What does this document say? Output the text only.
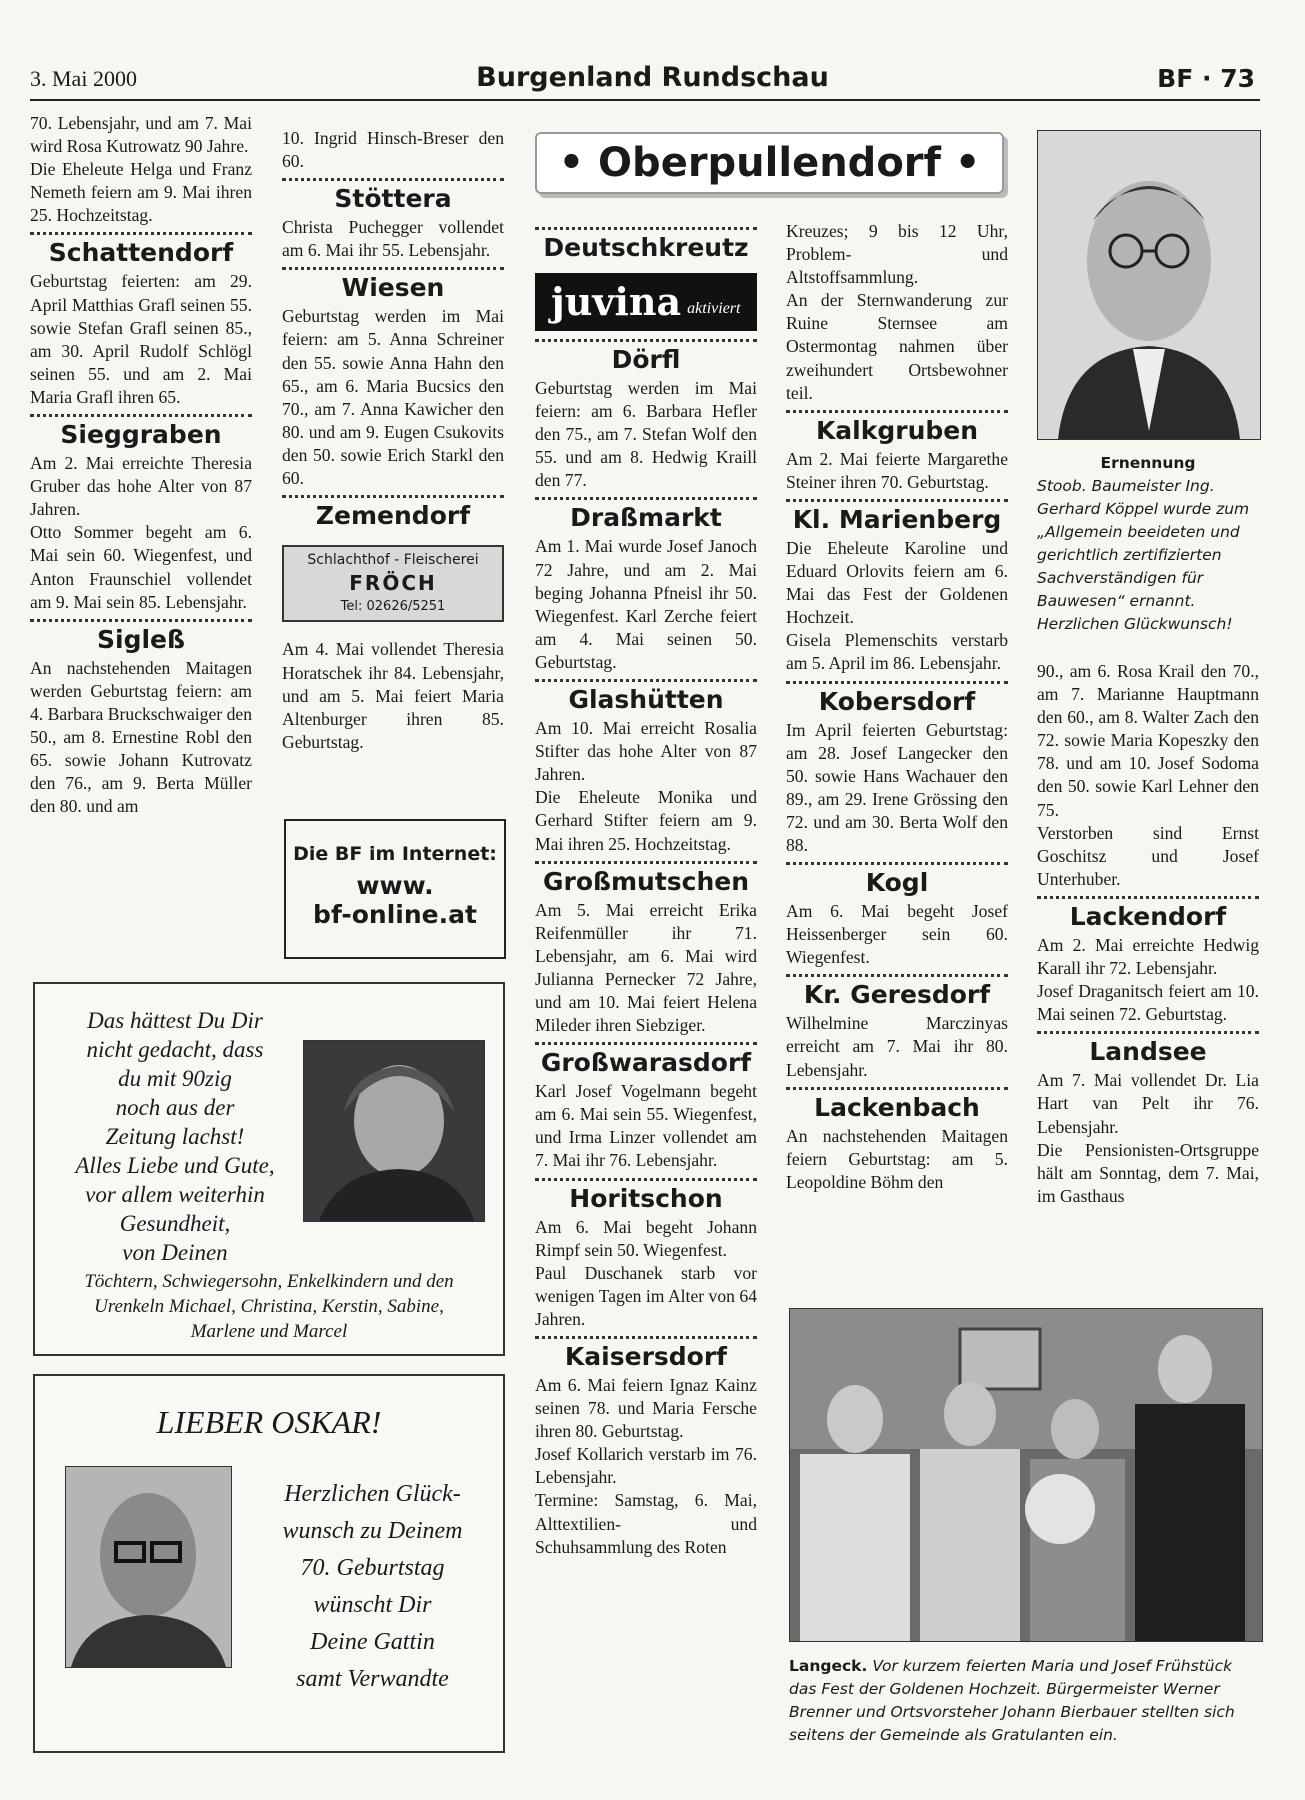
3. Mai 2000	Burgenland Rundschau	BF · 73

70. Lebensjahr, und am 7. Mai wird Rosa Kutrowatz 90 Jahre.

Die Eheleute Helga und Franz Nemeth feiern am 9. Mai ihren 25. Hochzeitstag.

Schattendorf

Geburtstag feierten: am 29. April Matthias Grafl seinen 55. sowie Stefan Grafl seinen 85., am 30. April Rudolf Schlögl seinen 55. und am 2. Mai Maria Grafl ihren 65.

Sieggraben

Am 2. Mai erreichte Theresia Gruber das hohe Alter von 87 Jahren.

Otto Sommer begeht am 6. Mai sein 60. Wiegenfest, und Anton Fraunschiel vollendet am 9. Mai sein 85. Lebensjahr.

Sigleß

An nachstehenden Maitagen werden Geburtstag feiern: am 4. Barbara Bruckschwaiger den 50., am 8. Ernestine Robl den 65. sowie Johann Kutrovatz den 76., am 9. Berta Müller den 80. und am

10. Ingrid Hinsch-Breser den 60.

Stöttera

Christa Puchegger vollendet am 6. Mai ihr 55. Lebensjahr.

Wiesen

Geburtstag werden im Mai feiern: am 5. Anna Schreiner den 55. sowie Anna Hahn den 65., am 6. Maria Bucsics den 70., am 7. Anna Kawicher den 80. und am 9. Eugen Csukovits den 50. sowie Erich Starkl den 60.

Zemendorf
Schlachthof - Fleischerei
FRÖCH
Tel: 02626/5251

Am 4. Mai vollendet Theresia Horatschek ihr 84. Lebensjahr, und am 5. Mai feiert Maria Altenburger ihren 85. Geburtstag.

Die BF im Internet:
www.
bf-online.at
• Oberpullendorf •
Deutschkreutz
juvina aktiviert
Dörfl

Geburtstag werden im Mai feiern: am 6. Barbara Hefler den 75., am 7. Stefan Wolf den 55. und am 8. Hedwig Kraill den 77.

Draßmarkt

Am 1. Mai wurde Josef Janoch 72 Jahre, und am 2. Mai beging Johanna Pfneisl ihr 50. Wiegenfest. Karl Zerche feiert am 4. Mai seinen 50. Geburtstag.

Glashütten

Am 10. Mai erreicht Rosalia Stifter das hohe Alter von 87 Jahren.

Die Eheleute Monika und Gerhard Stifter feiern am 9. Mai ihren 25. Hochzeitstag.

Großmutschen

Am 5. Mai erreicht Erika Reifenmüller ihr 71. Lebensjahr, am 6. Mai wird Julianna Pernecker 72 Jahre, und am 10. Mai feiert Helena Mileder ihren Siebziger.

Großwarasdorf

Karl Josef Vogelmann begeht am 6. Mai sein 55. Wiegenfest, und Irma Linzer vollendet am 7. Mai ihr 76. Lebensjahr.

Horitschon

Am 6. Mai begeht Johann Rimpf sein 50. Wiegenfest.

Paul Duschanek starb vor wenigen Tagen im Alter von 64 Jahren.

Kaisersdorf

Am 6. Mai feiern Ignaz Kainz seinen 78. und Maria Fersche ihren 80. Geburtstag.

Josef Kollarich verstarb im 76. Lebensjahr.

Termine: Samstag, 6. Mai, Alttextilien- und Schuhsammlung des Roten

Kreuzes; 9 bis 12 Uhr, Problem- und Altstoffsammlung.

An der Sternwanderung zur Ruine Sternsee am Ostermontag nahmen über zweihundert Ortsbewohner teil.

Kalkgruben

Am 2. Mai feierte Margarethe Steiner ihren 70. Geburtstag.

Kl. Marienberg

Die Eheleute Karoline und Eduard Orlovits feiern am 6. Mai das Fest der Goldenen Hochzeit.

Gisela Plemenschits verstarb am 5. April im 86. Lebensjahr.

Kobersdorf

Im April feierten Geburtstag: am 28. Josef Langecker den 50. sowie Hans Wachauer den 89., am 29. Irene Grössing den 72. und am 30. Berta Wolf den 88.

Kogl

Am 6. Mai begeht Josef Heissenberger sein 60. Wiegenfest.

Kr. Geresdorf

Wilhelmine Marczinyas erreicht am 7. Mai ihr 80. Lebensjahr.

Lackenbach

An nachstehenden Maitagen feiern Geburtstag: am 5. Leopoldine Böhm den

Ernennung
Stoob. Baumeister Ing. Gerhard Köppel wurde zum „Allgemein beeideten und gerichtlich zertifizierten Sachverständigen für Bauwesen“ ernannt. Herzlichen Glückwunsch!

90., am 6. Rosa Krail den 70., am 7. Marianne Hauptmann den 60., am 8. Walter Zach den 72. sowie Maria Kopeszky den 78. und am 10. Josef Sodoma den 50. sowie Karl Lehner den 75.

Verstorben sind Ernst Goschitsz und Josef Unterhuber.

Lackendorf

Am 2. Mai erreichte Hedwig Karall ihr 72. Lebensjahr.

Josef Draganitsch feiert am 10. Mai seinen 72. Geburtstag.

Landsee

Am 7. Mai vollendet Dr. Lia Hart van Pelt ihr 76. Lebensjahr.

Die Pensionisten-Ortsgruppe hält am Sonntag, dem 7. Mai, im Gasthaus

Das hättest Du Dir
nicht gedacht, dass
du mit 90zig
noch aus der
Zeitung lachst!
Alles Liebe und Gute,
vor allem weiterhin
Gesundheit,
von Deinen
Töchtern, Schwiegersohn, Enkelkindern und den Urenkeln Michael, Christina, Kerstin, Sabine, Marlene und Marcel
LIEBER OSKAR!
Herzlichen Glück-
wunsch zu Deinem
70. Geburtstag
wünscht Dir
Deine Gattin
samt Verwandte	Langeck. Vor kurzem feierten Maria und Josef Frühstück das Fest der Goldenen Hochzeit. Bürgermeister Werner Brenner und Ortsvorsteher Johann Bierbauer stellten sich seitens der Gemeinde als Gratulanten ein.
